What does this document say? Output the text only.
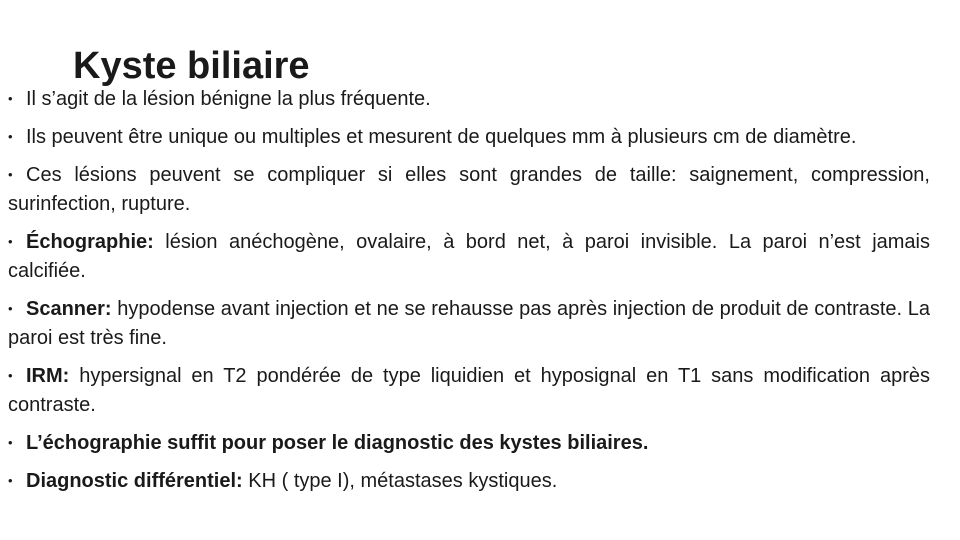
Kyste biliaire
• Il s’agit de la lésion bénigne la plus fréquente.
• Ils peuvent être unique ou multiples et mesurent de quelques mm à plusieurs cm de diamètre.
• Ces lésions peuvent se compliquer si elles sont grandes de taille: saignement, compression, surinfection, rupture.
• Échographie: lésion anéchogène, ovalaire, à bord net, à paroi invisible. La paroi n’est jamais calcifiée.
• Scanner: hypodense avant injection et ne se rehausse pas après injection de produit de contraste. La paroi est très fine.
• IRM: hypersignal en T2 pondérée de type liquidien et hyposignal en T1 sans modification après contraste.
• L’échographie suffit pour poser le diagnostic des kystes biliaires.
• Diagnostic différentiel: KH ( type I), métastases kystiques.
